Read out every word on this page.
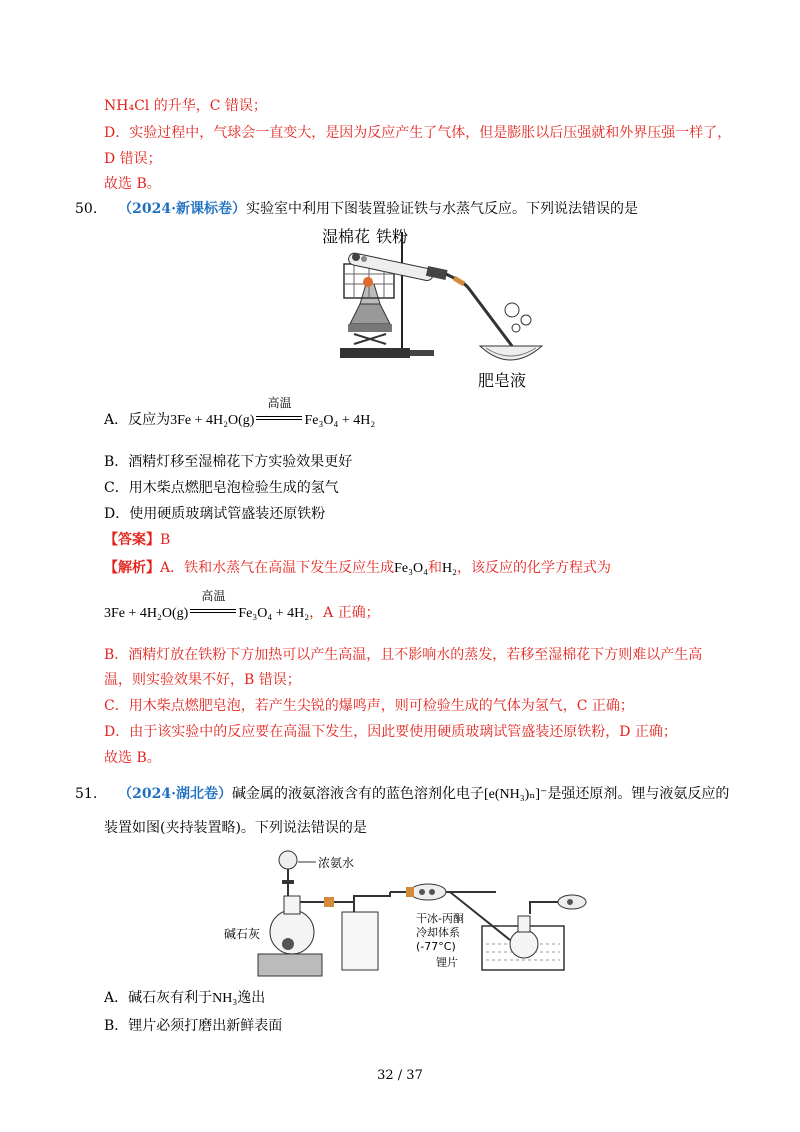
NH₄Cl 的升华，C 错误；
D．实验过程中，气球会一直变大，是因为反应产生了气体，但是膨胀以后压强就和外界压强一样了，
D 错误；
故选 B。
50. （2024·新课标卷）实验室中利用下图装置验证铁与水蒸气反应。下列说法错误的是
湿棉花 铁粉
肥皂液
A．反应为3Fe + 4H₂O(g)
高温
Fe₃O₄ + 4H₂
B．酒精灯移至湿棉花下方实验效果更好
C．用木柴点燃肥皂泡检验生成的氢气
D．使用硬质玻璃试管盛装还原铁粉
【答案】B
【解析】A．铁和水蒸气在高温下发生反应生成Fe₃O₄和H₂，该反应的化学方程式为
3Fe + 4H₂O(g)
高温
Fe₃O₄ + 4H₂，A 正确；
B．酒精灯放在铁粉下方加热可以产生高温，且不影响水的蒸发，若移至湿棉花下方则难以产生高
温，则实验效果不好，B 错误；
C．用木柴点燃肥皂泡，若产生尖锐的爆鸣声，则可检验生成的气体为氢气，C 正确；
D．由于该实验中的反应要在高温下发生，因此要使用硬质玻璃试管盛装还原铁粉，D 正确；
故选 B。
51. （2024·湖北卷）碱金属的液氨溶液含有的蓝色溶剂化电子[e(NH₃)ₙ]⁻是强还原剂。锂与液氨反应的
装置如图(夹持装置略)。下列说法错误的是
浓氨水
碱石灰
干冰-丙酮
冷却体系
(-77°C)
锂片
A．碱石灰有利于NH₃逸出
B．锂片必须打磨出新鲜表面
32 / 37
